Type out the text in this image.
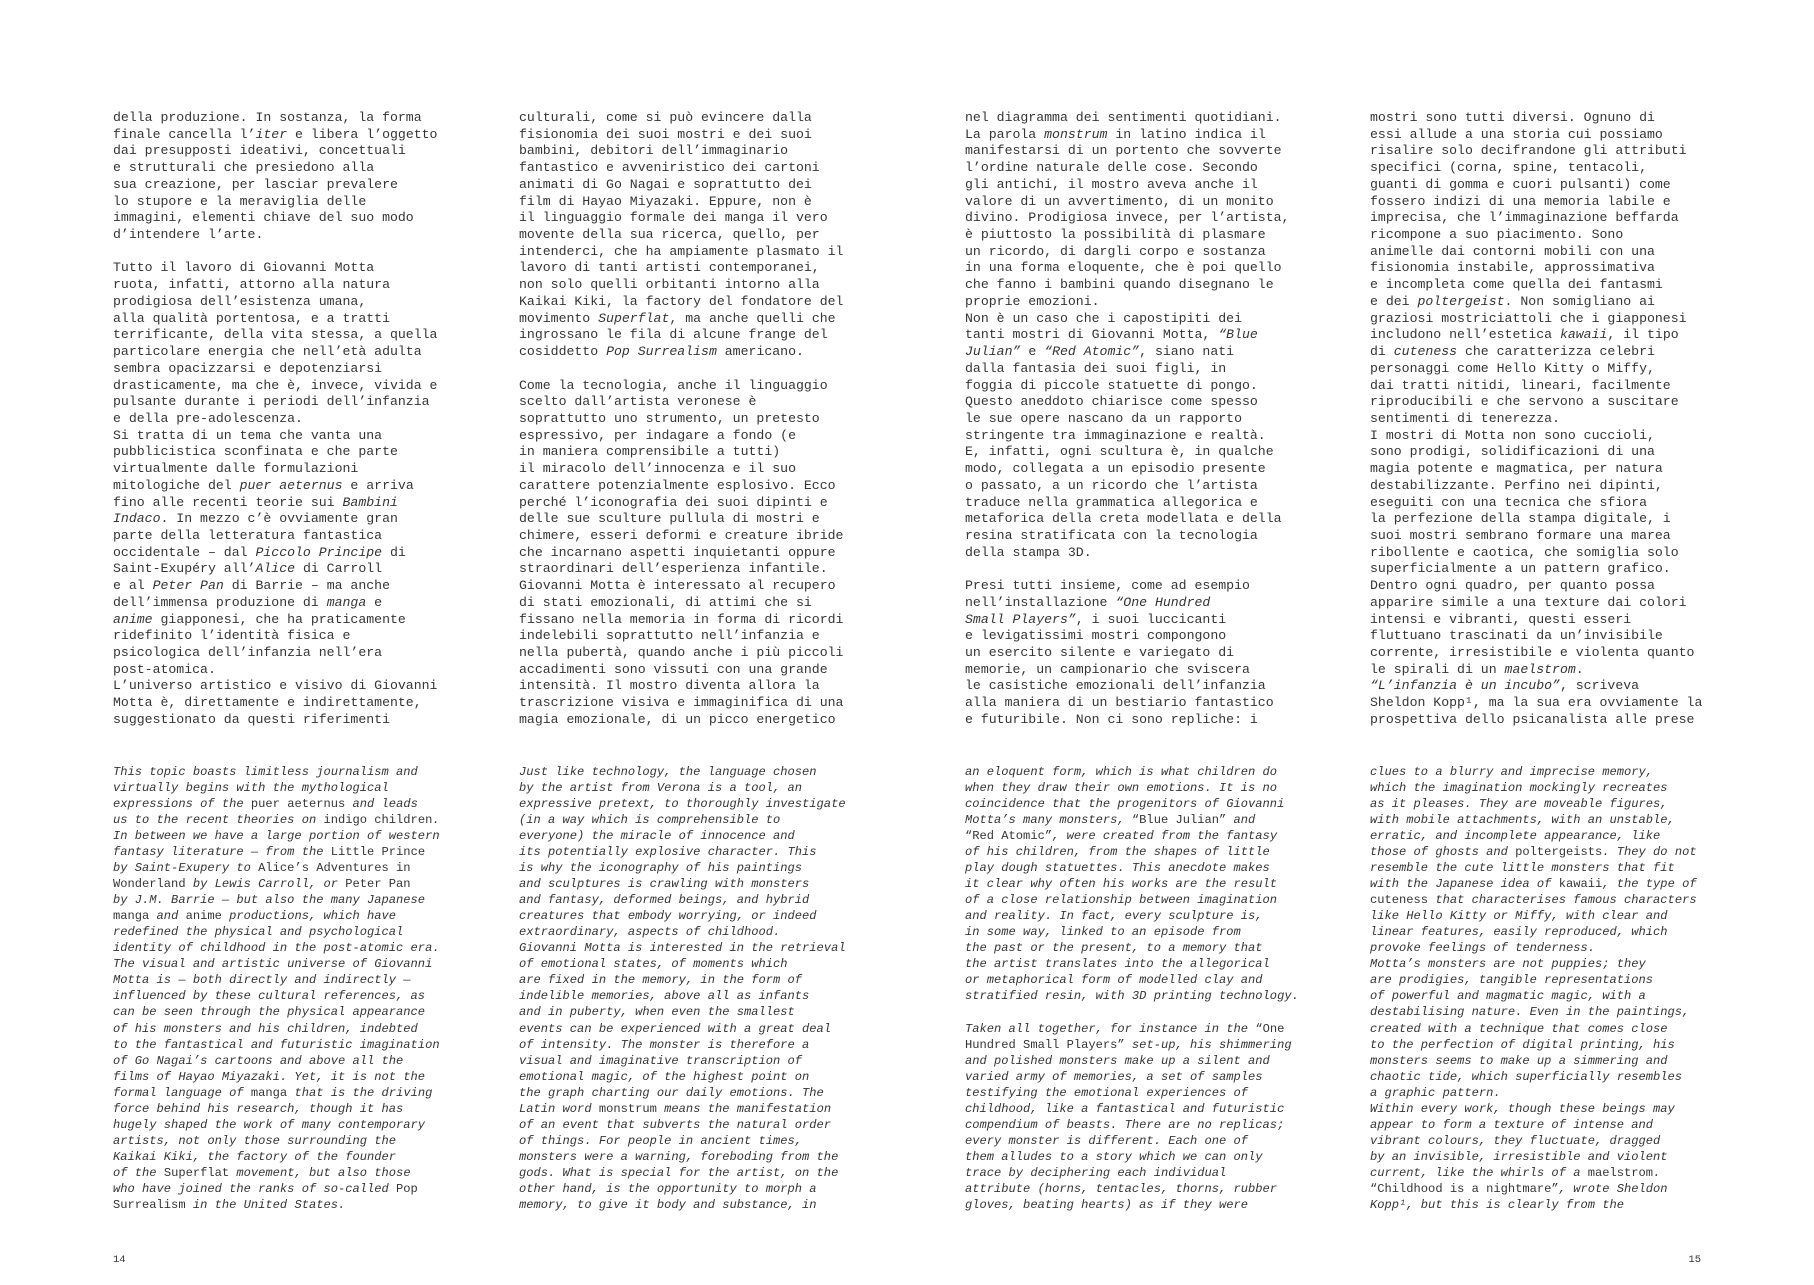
della produzione. In sostanza, la forma
finale cancella l’iter e libera l’oggetto
dai presupposti ideativi, concettuali
e strutturali che presiedono alla
sua creazione, per lasciar prevalere
lo stupore e la meraviglia delle
immagini, elementi chiave del suo modo
d’intendere l’arte.
Tutto il lavoro di Giovanni Motta
ruota, infatti, attorno alla natura
prodigiosa dell’esistenza umana,
alla qualità portentosa, e a tratti
terrificante, della vita stessa, a quella
particolare energia che nell’età adulta
sembra opacizzarsi e depotenziarsi
drasticamente, ma che è, invece, vivida e
pulsante durante i periodi dell’infanzia
e della pre-adolescenza.
Si tratta di un tema che vanta una
pubblicistica sconfinata e che parte
virtualmente dalle formulazioni
mitologiche del puer aeternus e arriva
fino alle recenti teorie sui Bambini
Indaco. In mezzo c’è ovviamente gran
parte della letteratura fantastica
occidentale – dal Piccolo Principe di
Saint-Exupéry all’Alice di Carroll
e al Peter Pan di Barrie – ma anche
dell’immensa produzione di manga e
anime giapponesi, che ha praticamente
ridefinito l’identità fisica e
psicologica dell’infanzia nell’era
post-atomica.
L’universo artistico e visivo di Giovanni
Motta è, direttamente e indirettamente,
suggestionato da questi riferimenti
culturali, come si può evincere dalla
fisionomia dei suoi mostri e dei suoi
bambini, debitori dell’immaginario
fantastico e avveniristico dei cartoni
animati di Go Nagai e soprattutto dei
film di Hayao Miyazaki. Eppure, non è
il linguaggio formale dei manga il vero
movente della sua ricerca, quello, per
intenderci, che ha ampiamente plasmato il
lavoro di tanti artisti contemporanei,
non solo quelli orbitanti intorno alla
Kaikai Kiki, la factory del fondatore del
movimento Superflat, ma anche quelli che
ingrossano le fila di alcune frange del
cosiddetto Pop Surrealism americano.
Come la tecnologia, anche il linguaggio
scelto dall’artista veronese è
soprattutto uno strumento, un pretesto
espressivo, per indagare a fondo (e
in maniera comprensibile a tutti)
il miracolo dell’innocenza e il suo
carattere potenzialmente esplosivo. Ecco
perché l’iconografia dei suoi dipinti e
delle sue sculture pullula di mostri e
chimere, esseri deformi e creature ibride
che incarnano aspetti inquietanti oppure
straordinari dell’esperienza infantile.
Giovanni Motta è interessato al recupero
di stati emozionali, di attimi che si
fissano nella memoria in forma di ricordi
indelebili soprattutto nell’infanzia e
nella pubertà, quando anche i più piccoli
accadimenti sono vissuti con una grande
intensità. Il mostro diventa allora la
trascrizione visiva e immaginifica di una
magia emozionale, di un picco energetico
nel diagramma dei sentimenti quotidiani.
La parola monstrum in latino indica il
manifestarsi di un portento che sovverte
l’ordine naturale delle cose. Secondo
gli antichi, il mostro aveva anche il
valore di un avvertimento, di un monito
divino. Prodigiosa invece, per l’artista,
è piuttosto la possibilità di plasmare
un ricordo, di dargli corpo e sostanza
in una forma eloquente, che è poi quello
che fanno i bambini quando disegnano le
proprie emozioni.
Non è un caso che i capostipiti dei
tanti mostri di Giovanni Motta, “Blue
Julian” e “Red Atomic”, siano nati
dalla fantasia dei suoi figli, in
foggia di piccole statuette di pongo.
Questo aneddoto chiarisce come spesso
le sue opere nascano da un rapporto
stringente tra immaginazione e realtà.
E, infatti, ogni scultura è, in qualche
modo, collegata a un episodio presente
o passato, a un ricordo che l’artista
traduce nella grammatica allegorica e
metaforica della creta modellata e della
resina stratificata con la tecnologia
della stampa 3D.
Presi tutti insieme, come ad esempio
nell’installazione “One Hundred
Small Players”, i suoi luccicanti
e levigatissimi mostri compongono
un esercito silente e variegato di
memorie, un campionario che sviscera
le casistiche emozionali dell’infanzia
alla maniera di un bestiario fantastico
e futuribile. Non ci sono repliche: i
mostri sono tutti diversi. Ognuno di
essi allude a una storia cui possiamo
risalire solo decifrandone gli attributi
specifici (corna, spine, tentacoli,
guanti di gomma e cuori pulsanti) come
fossero indizi di una memoria labile e
imprecisa, che l’immaginazione beffarda
ricompone a suo piacimento. Sono
animelle dai contorni mobili con una
fisionomia instabile, approssimativa
e incompleta come quella dei fantasmi
e dei poltergeist. Non somigliano ai
graziosi mostriciattoli che i giapponesi
includono nell’estetica kawaii, il tipo
di cuteness che caratterizza celebri
personaggi come Hello Kitty o Miffy,
dai tratti nitidi, lineari, facilmente
riproducibili e che servono a suscitare
sentimenti di tenerezza.
I mostri di Motta non sono cuccioli,
sono prodigi, solidificazioni di una
magia potente e magmatica, per natura
destabilizzante. Perfino nei dipinti,
eseguiti con una tecnica che sfiora
la perfezione della stampa digitale, i
suoi mostri sembrano formare una marea
ribollente e caotica, che somiglia solo
superficialmente a un pattern grafico.
Dentro ogni quadro, per quanto possa
apparire simile a una texture dai colori
intensi e vibranti, questi esseri
fluttuano trascinati da un’invisibile
corrente, irresistibile e violenta quanto
le spirali di un maelstrom.
“L’infanzia è un incubo”, scriveva
Sheldon Kopp¹, ma la sua era ovviamente la
prospettiva dello psicanalista alle prese
This topic boasts limitless journalism and
virtually begins with the mythological
expressions of the puer aeternus and leads
us to the recent theories on indigo children.
In between we have a large portion of western
fantasy literature — from the Little Prince
by Saint-Exupery to Alice’s Adventures in
Wonderland by Lewis Carroll, or Peter Pan
by J.M. Barrie — but also the many Japanese
manga and anime productions, which have
redefined the physical and psychological
identity of childhood in the post-atomic era.
The visual and artistic universe of Giovanni
Motta is — both directly and indirectly —
influenced by these cultural references, as
can be seen through the physical appearance
of his monsters and his children, indebted
to the fantastical and futuristic imagination
of Go Nagai’s cartoons and above all the
films of Hayao Miyazaki. Yet, it is not the
formal language of manga that is the driving
force behind his research, though it has
hugely shaped the work of many contemporary
artists, not only those surrounding the
Kaikai Kiki, the factory of the founder
of the Superflat movement, but also those
who have joined the ranks of so-called Pop
Surrealism in the United States.
Just like technology, the language chosen
by the artist from Verona is a tool, an
expressive pretext, to thoroughly investigate
(in a way which is comprehensible to
everyone) the miracle of innocence and
its potentially explosive character. This
is why the iconography of his paintings
and sculptures is crawling with monsters
and fantasy, deformed beings, and hybrid
creatures that embody worrying, or indeed
extraordinary, aspects of childhood.
Giovanni Motta is interested in the retrieval
of emotional states, of moments which
are fixed in the memory, in the form of
indelible memories, above all as infants
and in puberty, when even the smallest
events can be experienced with a great deal
of intensity. The monster is therefore a
visual and imaginative transcription of
emotional magic, of the highest point on
the graph charting our daily emotions. The
Latin word monstrum means the manifestation
of an event that subverts the natural order
of things. For people in ancient times,
monsters were a warning, foreboding from the
gods. What is special for the artist, on the
other hand, is the opportunity to morph a
memory, to give it body and substance, in
an eloquent form, which is what children do
when they draw their own emotions. It is no
coincidence that the progenitors of Giovanni
Motta’s many monsters, “Blue Julian” and
“Red Atomic”, were created from the fantasy
of his children, from the shapes of little
play dough statuettes. This anecdote makes
it clear why often his works are the result
of a close relationship between imagination
and reality. In fact, every sculpture is,
in some way, linked to an episode from
the past or the present, to a memory that
the artist translates into the allegorical
or metaphorical form of modelled clay and
stratified resin, with 3D printing technology.
Taken all together, for instance in the “One
Hundred Small Players” set-up, his shimmering
and polished monsters make up a silent and
varied army of memories, a set of samples
testifying the emotional experiences of
childhood, like a fantastical and futuristic
compendium of beasts. There are no replicas;
every monster is different. Each one of
them alludes to a story which we can only
trace by deciphering each individual
attribute (horns, tentacles, thorns, rubber
gloves, beating hearts) as if they were
clues to a blurry and imprecise memory,
which the imagination mockingly recreates
as it pleases. They are moveable figures,
with mobile attachments, with an unstable,
erratic, and incomplete appearance, like
those of ghosts and poltergeists. They do not
resemble the cute little monsters that fit
with the Japanese idea of kawaii, the type of
cuteness that characterises famous characters
like Hello Kitty or Miffy, with clear and
linear features, easily reproduced, which
provoke feelings of tenderness.
Motta’s monsters are not puppies; they
are prodigies, tangible representations
of powerful and magmatic magic, with a
destabilising nature. Even in the paintings,
created with a technique that comes close
to the perfection of digital printing, his
monsters seems to make up a simmering and
chaotic tide, which superficially resembles
a graphic pattern.
Within every work, though these beings may
appear to form a texture of intense and
vibrant colours, they fluctuate, dragged
by an invisible, irresistible and violent
current, like the whirls of a maelstrom.
“Childhood is a nightmare”, wrote Sheldon
Kopp¹, but this is clearly from the
14	15
